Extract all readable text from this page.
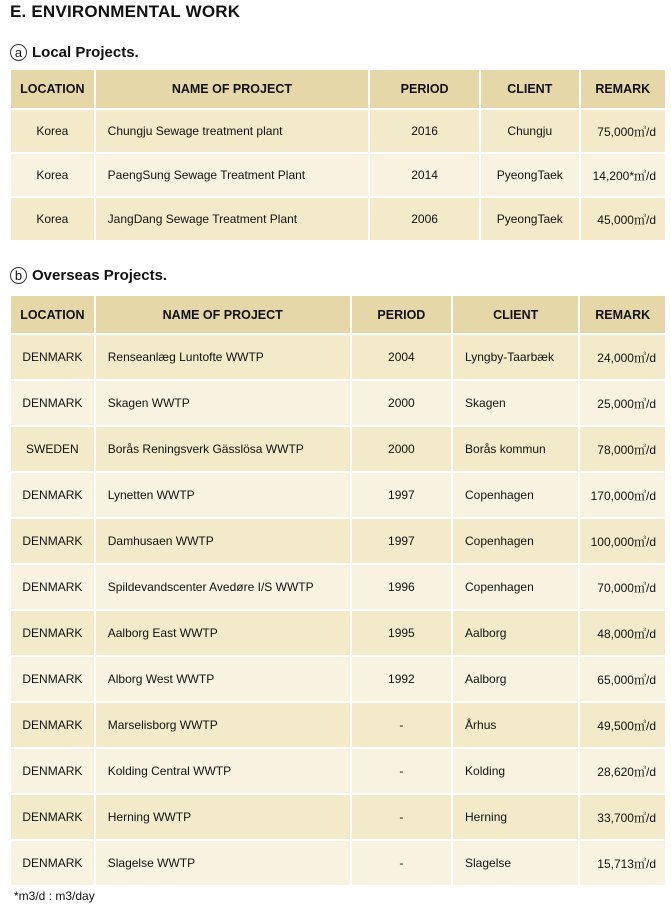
E. ENVIRONMENTAL WORK
a Local Projects.
LOCATION	NAME OF PROJECT	PERIOD	CLIENT	REMARK
Korea	Chungju Sewage treatment plant	2016	Chungju	75,000㎥/d
Korea	PaengSung Sewage Treatment Plant	2014	PyeongTaek	14,200*㎥/d
Korea	JangDang Sewage Treatment Plant	2006	PyeongTaek	45,000㎥/d
b Overseas Projects.
LOCATION	NAME OF PROJECT	PERIOD	CLIENT	REMARK
DENMARK	Renseanlæg Luntofte WWTP	2004	Lyngby-Taarbæk	24,000㎥/d
DENMARK	Skagen WWTP	2000	Skagen	25,000㎥/d
SWEDEN	Borås Reningsverk Gässlösa WWTP	2000	Borås kommun	78,000㎥/d
DENMARK	Lynetten WWTP	1997	Copenhagen	170,000㎥/d
DENMARK	Damhusaen WWTP	1997	Copenhagen	100,000㎥/d
DENMARK	Spildevandscenter Avedøre I/S WWTP	1996	Copenhagen	70,000㎥/d
DENMARK	Aalborg East WWTP	1995	Aalborg	48,000㎥/d
DENMARK	Alborg West WWTP	1992	Aalborg	65,000㎥/d
DENMARK	Marselisborg WWTP	-	Århus	49,500㎥/d
DENMARK	Kolding Central WWTP	-	Kolding	28,620㎥/d
DENMARK	Herning WWTP	-	Herning	33,700㎥/d
DENMARK	Slagelse WWTP	-	Slagelse	15,713㎥/d

*m3/d : m3/day
